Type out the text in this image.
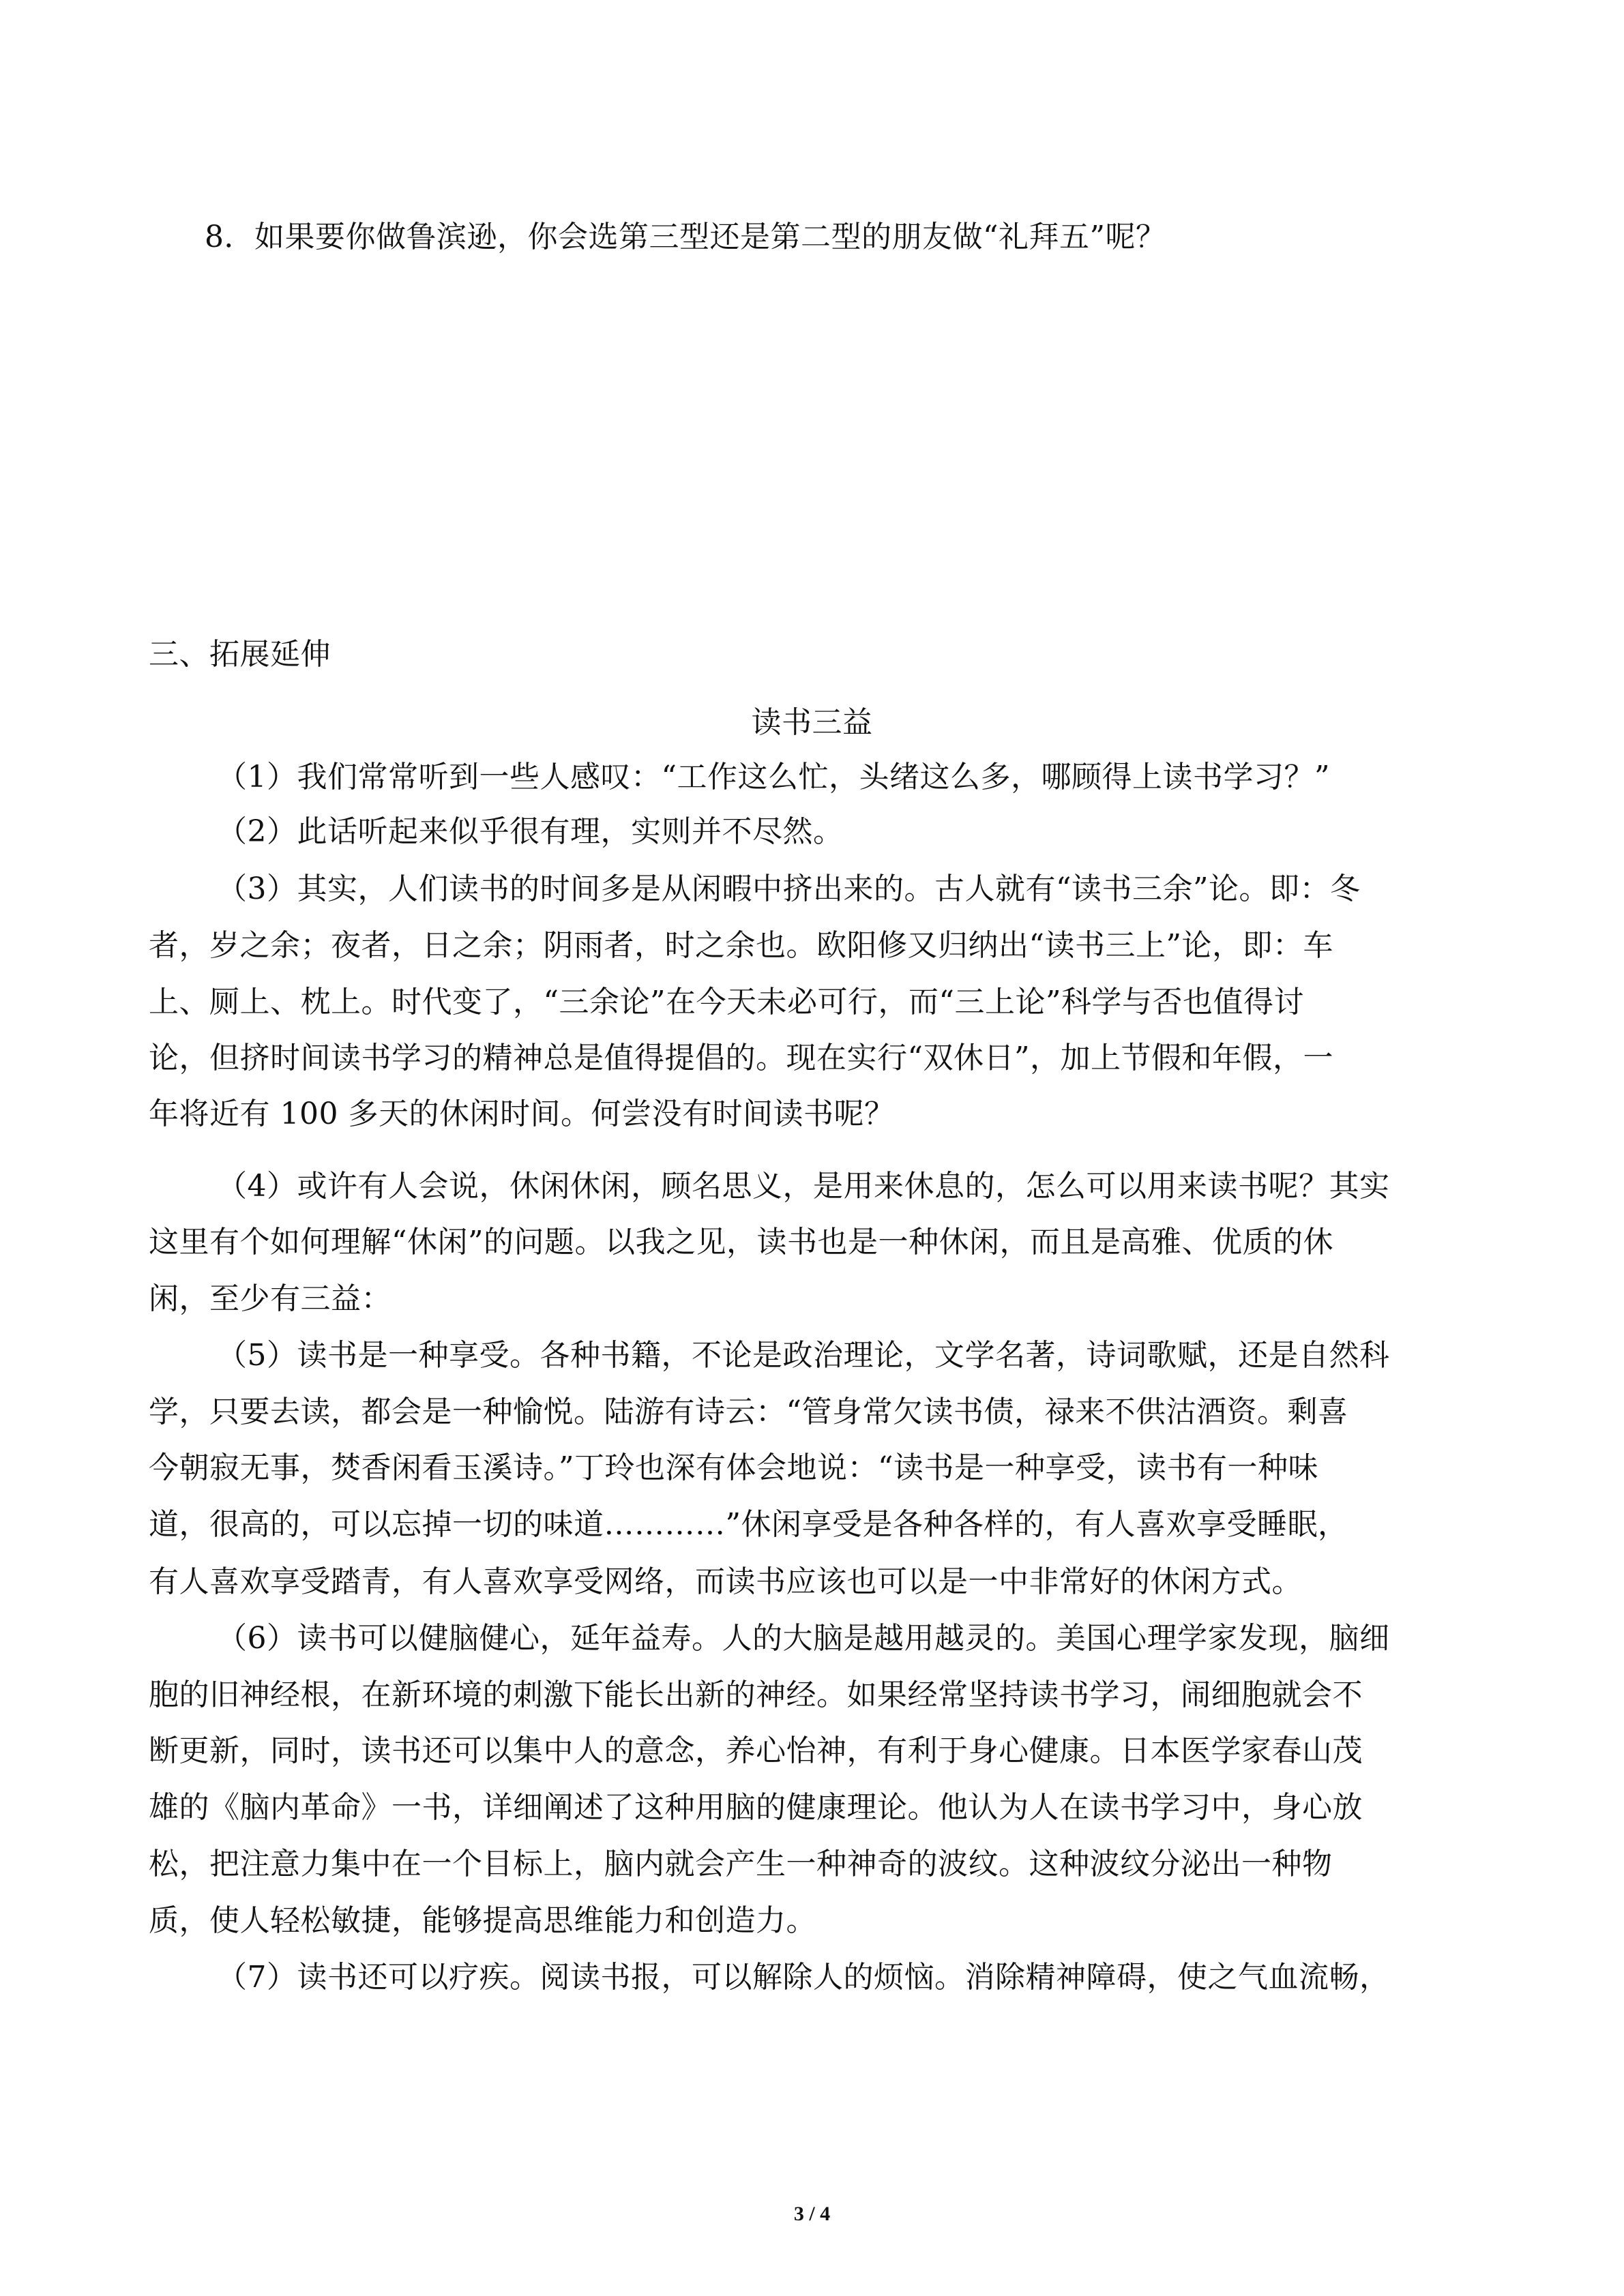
8．如果要你做鲁滨逊，你会选第三型还是第二型的朋友做“礼拜五”呢？
三、拓展延伸
读书三益
（1）我们常常听到一些人感叹：“工作这么忙，头绪这么多，哪顾得上读书学习？”
（2）此话听起来似乎很有理，实则并不尽然。
（3）其实，人们读书的时间多是从闲暇中挤出来的。古人就有“读书三余”论。即：冬
者，岁之余；夜者，日之余；阴雨者，时之余也。欧阳修又归纳出“读书三上”论，即：车
上、厕上、枕上。时代变了，“三余论”在今天未必可行，而“三上论”科学与否也值得讨
论，但挤时间读书学习的精神总是值得提倡的。现在实行“双休日”，加上节假和年假，一
年将近有 100 多天的休闲时间。何尝没有时间读书呢？
（4）或许有人会说，休闲休闲，顾名思义，是用来休息的，怎么可以用来读书呢？其实
这里有个如何理解“休闲”的问题。以我之见，读书也是一种休闲，而且是高雅、优质的休
闲，至少有三益：
（5）读书是一种享受。各种书籍，不论是政治理论，文学名著，诗词歌赋，还是自然科
学，只要去读，都会是一种愉悦。陆游有诗云：“管身常欠读书债，禄来不供沽酒资。剩喜
今朝寂无事，焚香闲看玉溪诗。”丁玲也深有体会地说：“读书是一种享受，读书有一种味
道，很高的，可以忘掉一切的味道…………”休闲享受是各种各样的，有人喜欢享受睡眠，
有人喜欢享受踏青，有人喜欢享受网络，而读书应该也可以是一中非常好的休闲方式。
（6）读书可以健脑健心，延年益寿。人的大脑是越用越灵的。美国心理学家发现，脑细
胞的旧神经根，在新环境的刺激下能长出新的神经。如果经常坚持读书学习，闹细胞就会不
断更新，同时，读书还可以集中人的意念，养心怡神，有利于身心健康。日本医学家春山茂
雄的《脑内革命》一书，详细阐述了这种用脑的健康理论。他认为人在读书学习中，身心放
松，把注意力集中在一个目标上，脑内就会产生一种神奇的波纹。这种波纹分泌出一种物
质，使人轻松敏捷，能够提高思维能力和创造力。
（7）读书还可以疗疾。阅读书报，可以解除人的烦恼。消除精神障碍，使之气血流畅，
3 / 4
